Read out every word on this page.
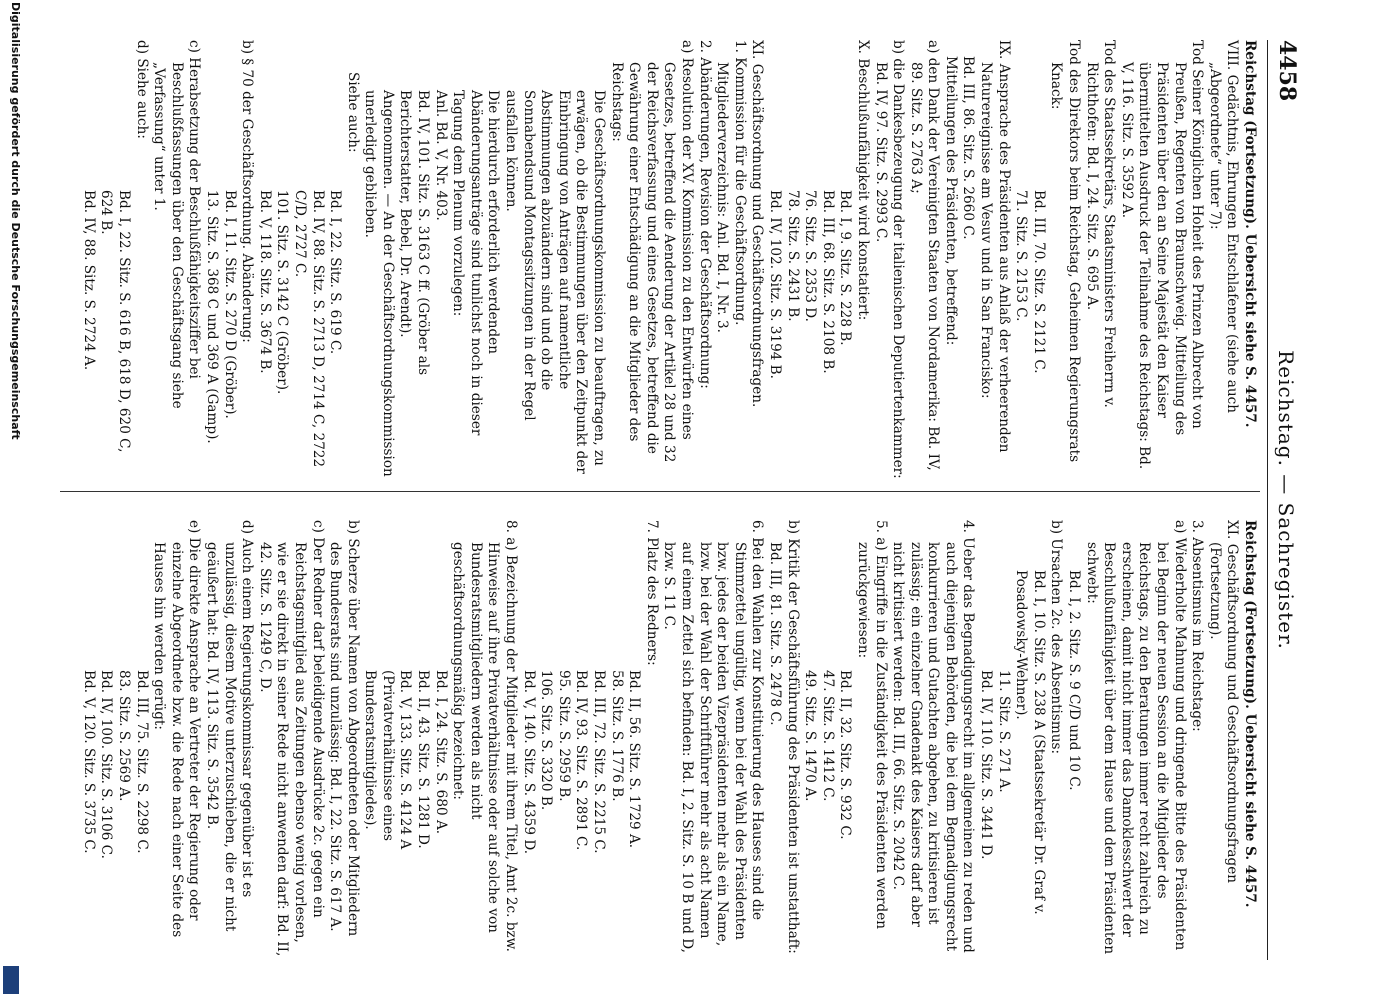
4458
Reichstag. — Sachregister.

Reichstag (Fortsetzung). Uebersicht siehe S. 4457.

VIII. Gedächtnis, Ehrungen Entschlafener (siehe auch „Abgeordnete“ unter 7):

Tod Seiner Königlichen Hoheit des Prinzen Albrecht von Preußen, Regenten von Braunschweig. Mitteilung des Präsidenten über den an Seine Majestät den Kaiser übermittelten Ausdruck der Teilnahme des Reichstags: Bd. V, 116. Sitz. S. 3592 A.

Tod des Staatssekretärs, Staatsministers Freiherrn v. Richthofen: Bd. I, 24. Sitz. S. 695 A.

Tod des Direktors beim Reichstag, Geheimen Regierungsrats Knack:

Bd. III, 70. Sitz. S. 2121 C.

71. Sitz. S. 2153 C.

IX. Ansprache des Präsidenten aus Anlaß der verheerenden Naturereignisse am Vesuv und in San Francisko:

Bd. III, 86. Sitz. S. 2660 C.

Mitteilungen des Präsidenten, betreffend:

a) den Dank der Vereinigten Staaten von Nordamerika: Bd. IV, 89. Sitz. S. 2763 A;

b) die Dankesbezeugung der italienischen Deputiertenkammer: Bd. IV, 97. Sitz. S. 2993 C.

X. Beschlußunfähigkeit wird konstatiert:

Bd. I, 9. Sitz. S. 228 B.

Bd. III, 68. Sitz. S. 2108 B.

76. Sitz. S. 2353 D.

78. Sitz. S. 2431 B.

Bd. IV, 102. Sitz. S. 3194 B.

XI. Geschäftsordnung und Geschäftsordnungsfragen.

1. Kommission für die Geschäftsordnung. Mitgliederverzeichnis: Anl. Bd. I, Nr. 3.

2. Abänderungen, Revision der Geschäftsordnung:

a) Resolution der XV. Kommission zu den Entwürfen eines Gesetzes, betreffend die Aenderung der Artikel 28 und 32 der Reichsverfassung und eines Gesetzes, betreffend die Gewährung einer Entschädigung an die Mitglieder des Reichstags:

Die Geschäftsordnungskommission zu beauftragen, zu erwägen, ob die Bestimmungen über den Zeitpunkt der Einbringung von Anträgen auf namentliche Abstimmungen abzuändern sind und ob die Sonnabendsund Montagssitzungen in der Regel ausfallen können.

Die hierdurch erforderlich werdenden Abänderungsanträge sind tunlichst noch in dieser Tagung dem Plenum vorzulegen:

Anl. Bd. V, Nr. 403.

Bd. IV, 101. Sitz. S. 3163 C ff. (Gröber als Berichterstatter, Bebel, Dr. Arendt).

Angenommen. — An der Geschäftsordnungskommission unerledigt geblieben.

Siehe auch:

Bd. I, 22. Sitz. S. 619 C.

Bd. IV, 88. Sitz. S. 2713 D, 2714 C, 2722 C/D, 2727 C.

101. Sitz. S. 3142 C (Gröber).

Bd. V, 118. Sitz. S. 3674 B.

b) § 70 der Geschäftsordnung. Abänderung:

Bd. I, 11. Sitz. S. 270 D (Gröber).

13. Sitz. S. 368 C und 369 A (Gamp).

c) Herabsetzung der Beschlußfähigkeitsziffer bei Beschlußfassungen über den Geschäftsgang siehe „Verfassung“ unter 1.

d) Siehe auch:

Bd. I, 22. Sitz. S. 616 B, 618 D, 620 C, 624 B.

Bd. IV, 88. Sitz. S. 2724 A.

Reichstag (Fortsetzung). Uebersicht siehe S. 4457.

XI. Geschäftsordnung und Geschäftsordnungsfragen (Fortsetzung).

3. Absentismus im Reichstage:

a) Wiederholte Mahnung und dringende Bitte des Präsidenten bei Beginn der neuen Session an die Mitglieder des Reichstags, zu den Beratungen immer recht zahlreich zu erscheinen, damit nicht immer das Damoklesschwert der Beschlußunfähigkeit über dem Hause und dem Präsidenten schwebt:

Bd. I, 2. Sitz. S. 9 C/D und 10 C.

b) Ursachen 2c. des Absentismus:

Bd. I, 10. Sitz. S. 238 A (Staatssekretär Dr. Graf v. Posadowsky-Wehner).

11. Sitz. S. 271 A.

Bd. IV, 110. Sitz. S. 3441 D.

4. Ueber das Begnadigungsrecht im allgemeinen zu reden und auch diejenigen Behörden, die bei dem Begnadigungsrecht konkurrieren und Gutachten abgeben, zu kritisieren ist zulässig; ein einzelner Gnadenakt des Kaisers darf aber nicht kritisiert werden: Bd. III, 66. Sitz. S. 2042 C.

5. a) Eingriffe in die Zuständigkeit des Präsidenten werden zurückgewiesen:

Bd. II, 32. Sitz. S. 932 C.

47. Sitz. S. 1412 C.

49. Sitz. S. 1470 A.

b) Kritik der Geschäftsführung des Präsidenten ist unstatthaft: Bd. III, 81. Sitz. S. 2478 C.

6. Bei den Wahlen zur Konstituierung des Hauses sind die Stimmzettel ungültig, wenn bei der Wahl des Präsidenten bzw. jedes der beiden Vizepräsidenten mehr als ein Name, bzw. bei der Wahl der Schriftführer mehr als acht Namen auf einem Zettel sich befinden: Bd. I, 2. Sitz. S. 10 B und D, bzw. S. 11 C.

7. Platz des Redners:

Bd. II, 56. Sitz. S. 1729 A.

58. Sitz. S. 1776 B.

Bd. III, 72. Sitz. S. 2215 C.

Bd. IV, 93. Sitz. S. 2891 C.

95. Sitz. S. 2959 B.

106. Sitz. S. 3320 B.

Bd. V, 140. Sitz. S. 4359 D.

8. a) Bezeichnung der Mitglieder mit ihrem Titel, Amt 2c. bzw. Hinweise auf ihre Privatverhältnisse oder auf solche von Bundesratsmitgliedern werden als nicht geschäftsordnungsmäßig bezeichnet:

Bd. I, 24. Sitz. S. 680 A.

Bd. II, 43. Sitz. S. 1281 D.

Bd. V, 133. Sitz. S. 4124 A (Privatverhältnisse eines Bundesratsmitgliedes).

b) Scherze über Namen von Abgeordneten oder Mitgliedern des Bundesrats sind unzulässig: Bd. I, 22. Sitz. S. 617 A.

c) Der Redner darf beleidigende Ausdrücke 2c. gegen ein Reichstagsmitglied aus Zeitungen ebenso wenig vorlesen, wie er sie direkt in seiner Rede nicht anwenden darf: Bd. II, 42. Sitz. S. 1249 C, D.

d) Auch einem Regierungskommissar gegenüber ist es unzulässig, diesem Motive unterzuschieben, die er nicht geäußert hat: Bd. IV, 113. Sitz. S. 3542 B.

e) Die direkte Ansprache an Vertreter der Regierung oder einzelne Abgeordnete bzw. die Rede nach einer Seite des Hauses hin werden gerügt:

Bd. III, 75. Sitz. S. 2298 C.

83. Sitz. S. 2569 A.

Bd. IV, 100. Sitz. S. 3106 C.

Bd. V, 120. Sitz. S. 3735 C.

Digitalisierung gefördert durch die Deutsche Forschungsgemeinschaft
